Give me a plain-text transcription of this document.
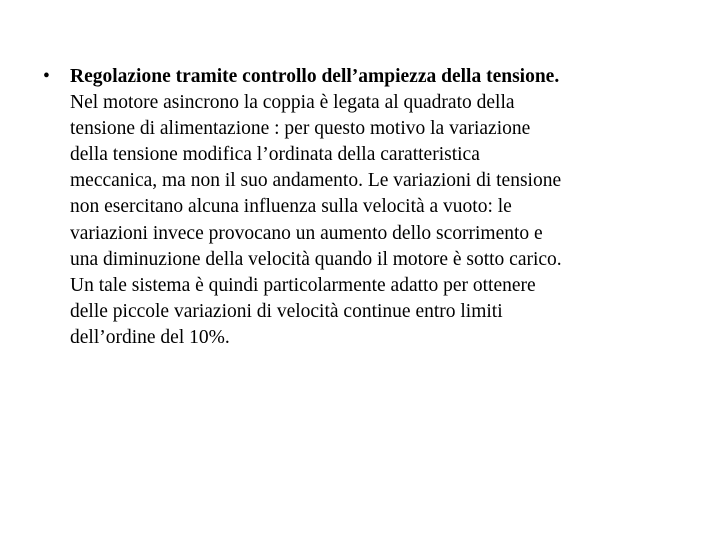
•	Regolazione tramite controllo dell’ampiezza della tensione.
Nel motore asincrono la coppia è legata al quadrato della
tensione di alimentazione : per questo motivo la variazione
della tensione modifica l’ordinata della caratteristica
meccanica, ma non il suo andamento. Le variazioni di tensione
non esercitano alcuna influenza sulla velocità a vuoto: le
variazioni invece provocano un aumento dello scorrimento e
una diminuzione della velocità quando il motore è sotto carico.
Un tale sistema è quindi particolarmente adatto per ottenere
delle piccole variazioni di velocità continue entro limiti
dell’ordine del 10%.
